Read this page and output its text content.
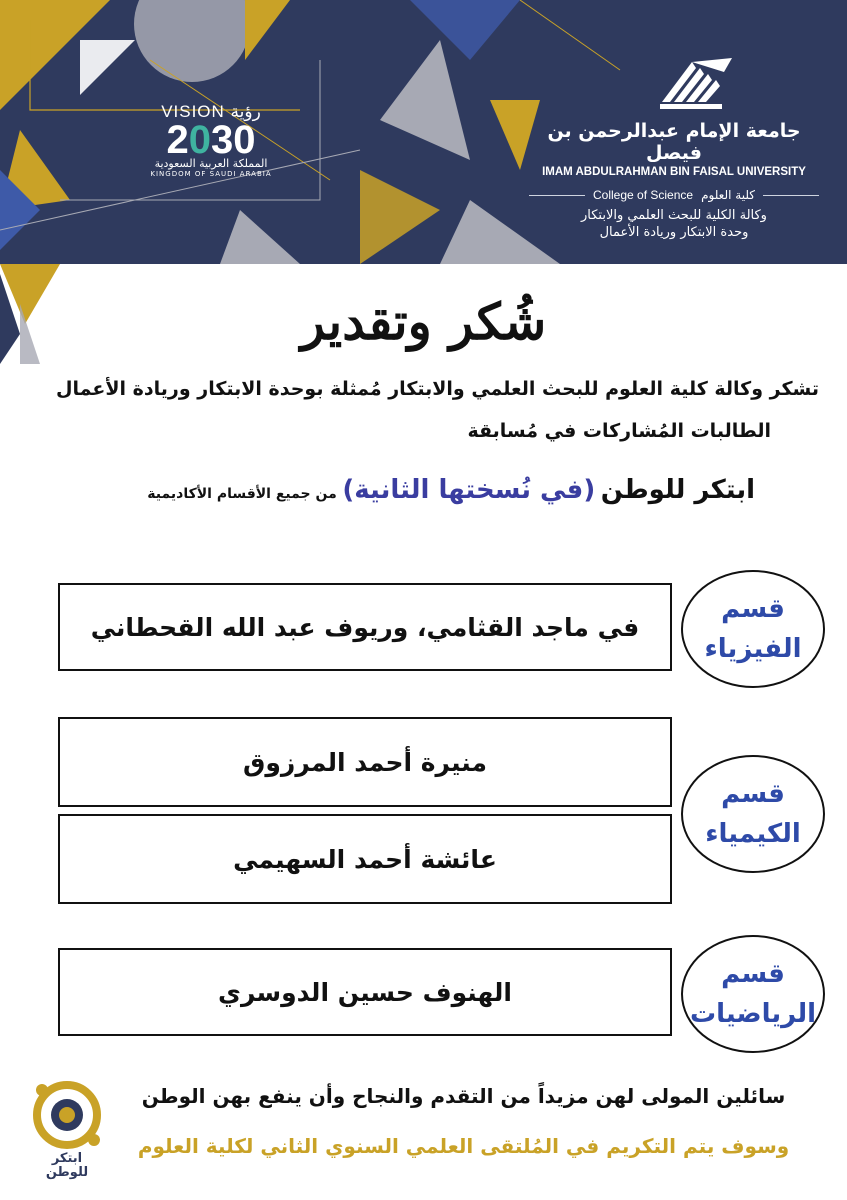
VISION رؤية
2030
المملكة العربية السعودية
KINGDOM OF SAUDI ARABIA
جامعة الإمام عبدالرحمن بن فيصل
IMAM ABDULRAHMAN BIN FAISAL UNIVERSITY
كلية العلوم
College of Science
وكالة الكلية للبحث العلمي والابتكار
وحدة الابتكار وريادة الأعمال
شُكر وتقدير
تشكر وكالة كلية العلوم للبحث العلمي والابتكار مُمثلة بوحدة الابتكار وريادة الأعمال
الطالبات المُشاركات في مُسابقة
ابتكر للوطن (في نُسختها الثانية) من جميع الأقسام الأكاديمية
في ماجد القثامي، وريوف عبد الله القحطاني
قسم
الفيزياء
منيرة أحمد المرزوق
عائشة أحمد السهيمي
قسم
الكيمياء
الهنوف حسين الدوسري
قسم
الرياضيات
سائلين المولى لهن مزيداً من التقدم والنجاح وأن ينفع بهن الوطن
وسوف يتم التكريم في المُلتقى العلمي السنوي الثاني لكلية العلوم
ابتكر
للوطن
